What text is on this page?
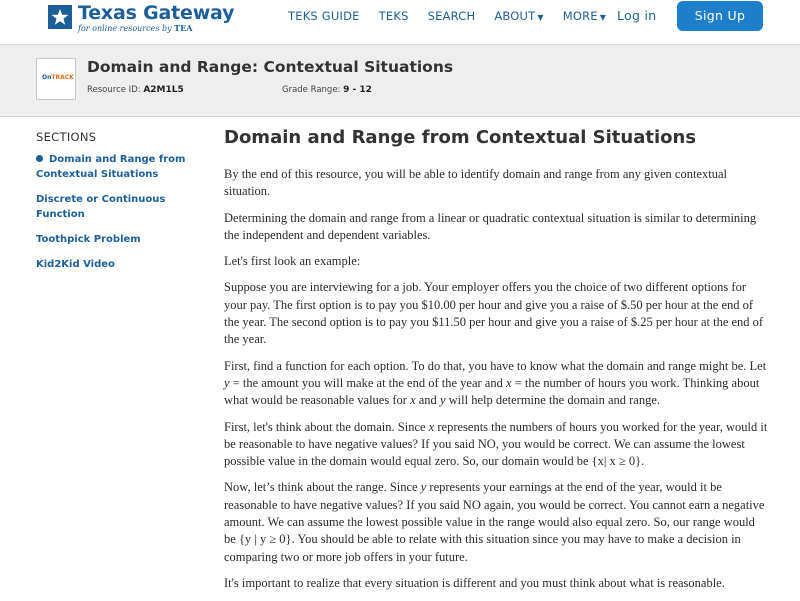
Texas Gateway
for online resources by TEA
TEKS GUIDE TEKS SEARCH ABOUT ▼ MORE ▼ Log in	Sign Up
OnTRACK
Domain and Range: Contextual Situations
Resource ID: A2M1L5	Grade Range: 9 - 12
SECTIONS
Domain and Range from Contextual Situations
Discrete or Continuous Function
Toothpick Problem
Kid2Kid Video
Domain and Range from Contextual Situations

By the end of this resource, you will be able to identify domain and range from any given contextual situation.

Determining the domain and range from a linear or quadratic contextual situation is similar to determining the independent and dependent variables.

Let's first look an example:

Suppose you are interviewing for a job. Your employer offers you the choice of two different options for your pay. The first option is to pay you $10.00 per hour and give you a raise of $.50 per hour at the end of the year. The second option is to pay you $11.50 per hour and give you a raise of $.25 per hour at the end of the year.

First, find a function for each option. To do that, you have to know what the domain and range might be. Let y = the amount you will make at the end of the year and x = the number of hours you work. Thinking about what would be reasonable values for x and y will help determine the domain and range.

First, let's think about the domain. Since x represents the numbers of hours you worked for the year, would it be reasonable to have negative values? If you said NO, you would be correct. We can assume the lowest possible value in the domain would equal zero. So, our domain would be {x| x ≥ 0}.

Now, let’s think about the range. Since y represents your earnings at the end of the year, would it be reasonable to have negative values? If you said NO again, you would be correct. You cannot earn a negative amount. We can assume the lowest possible value in the range would also equal zero. So, our range would be {y | y ≥ 0}. You should be able to relate with this situation since you may have to make a decision in comparing two or more job offers in your future.

It's important to realize that every situation is different and you must think about what is reasonable.
